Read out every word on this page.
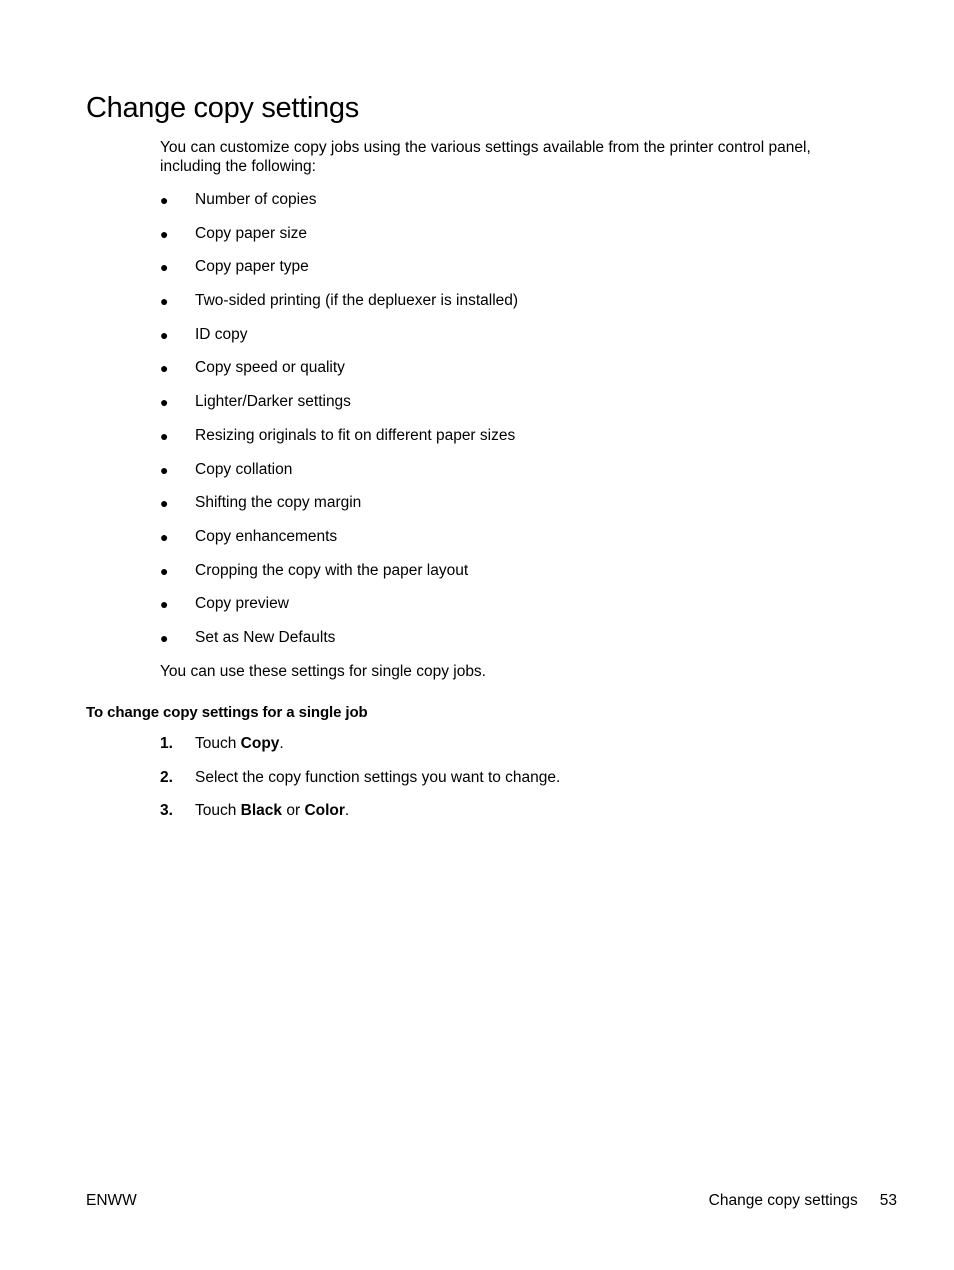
Change copy settings

You can customize copy jobs using the various settings available from the printer control panel, including the following:

● Number of copies
● Copy paper size
● Copy paper type
● Two-sided printing (if the depluexer is installed)
● ID copy
● Copy speed or quality
● Lighter/Darker settings
● Resizing originals to fit on different paper sizes
● Copy collation
● Shifting the copy margin
● Copy enhancements
● Cropping the copy with the paper layout
● Copy preview
● Set as New Defaults

You can use these settings for single copy jobs.

To change copy settings for a single job
1. Touch Copy.
2. Select the copy function settings you want to change.
3. Touch Black or Color.
ENWW	Change copy settings 53
